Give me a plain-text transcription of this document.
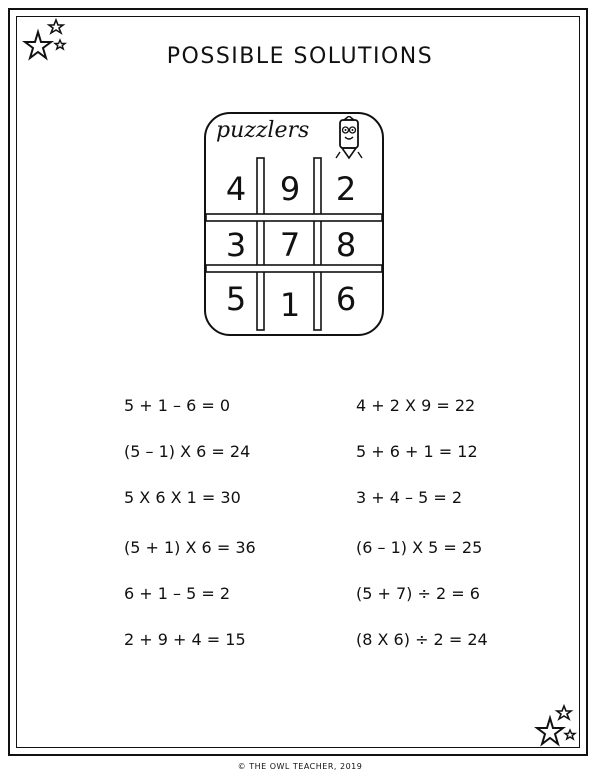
POSSIBLE SOLUTIONS
puzzlers
4	9	2
3	7	8
5	1	6
5 + 1 – 6 = 0
(5 – 1) X 6 = 24
5 X 6 X 1 = 30
(5 + 1) X 6 = 36
6 + 1 – 5 = 2
2 + 9 + 4 = 15
4 + 2 X 9 = 22
5 + 6 + 1 = 12
3 + 4 – 5 = 2
(6 – 1) X 5 = 25
(5 + 7) ÷ 2 = 6
(8 X 6) ÷ 2 = 24
© THE OWL TEACHER, 2019
